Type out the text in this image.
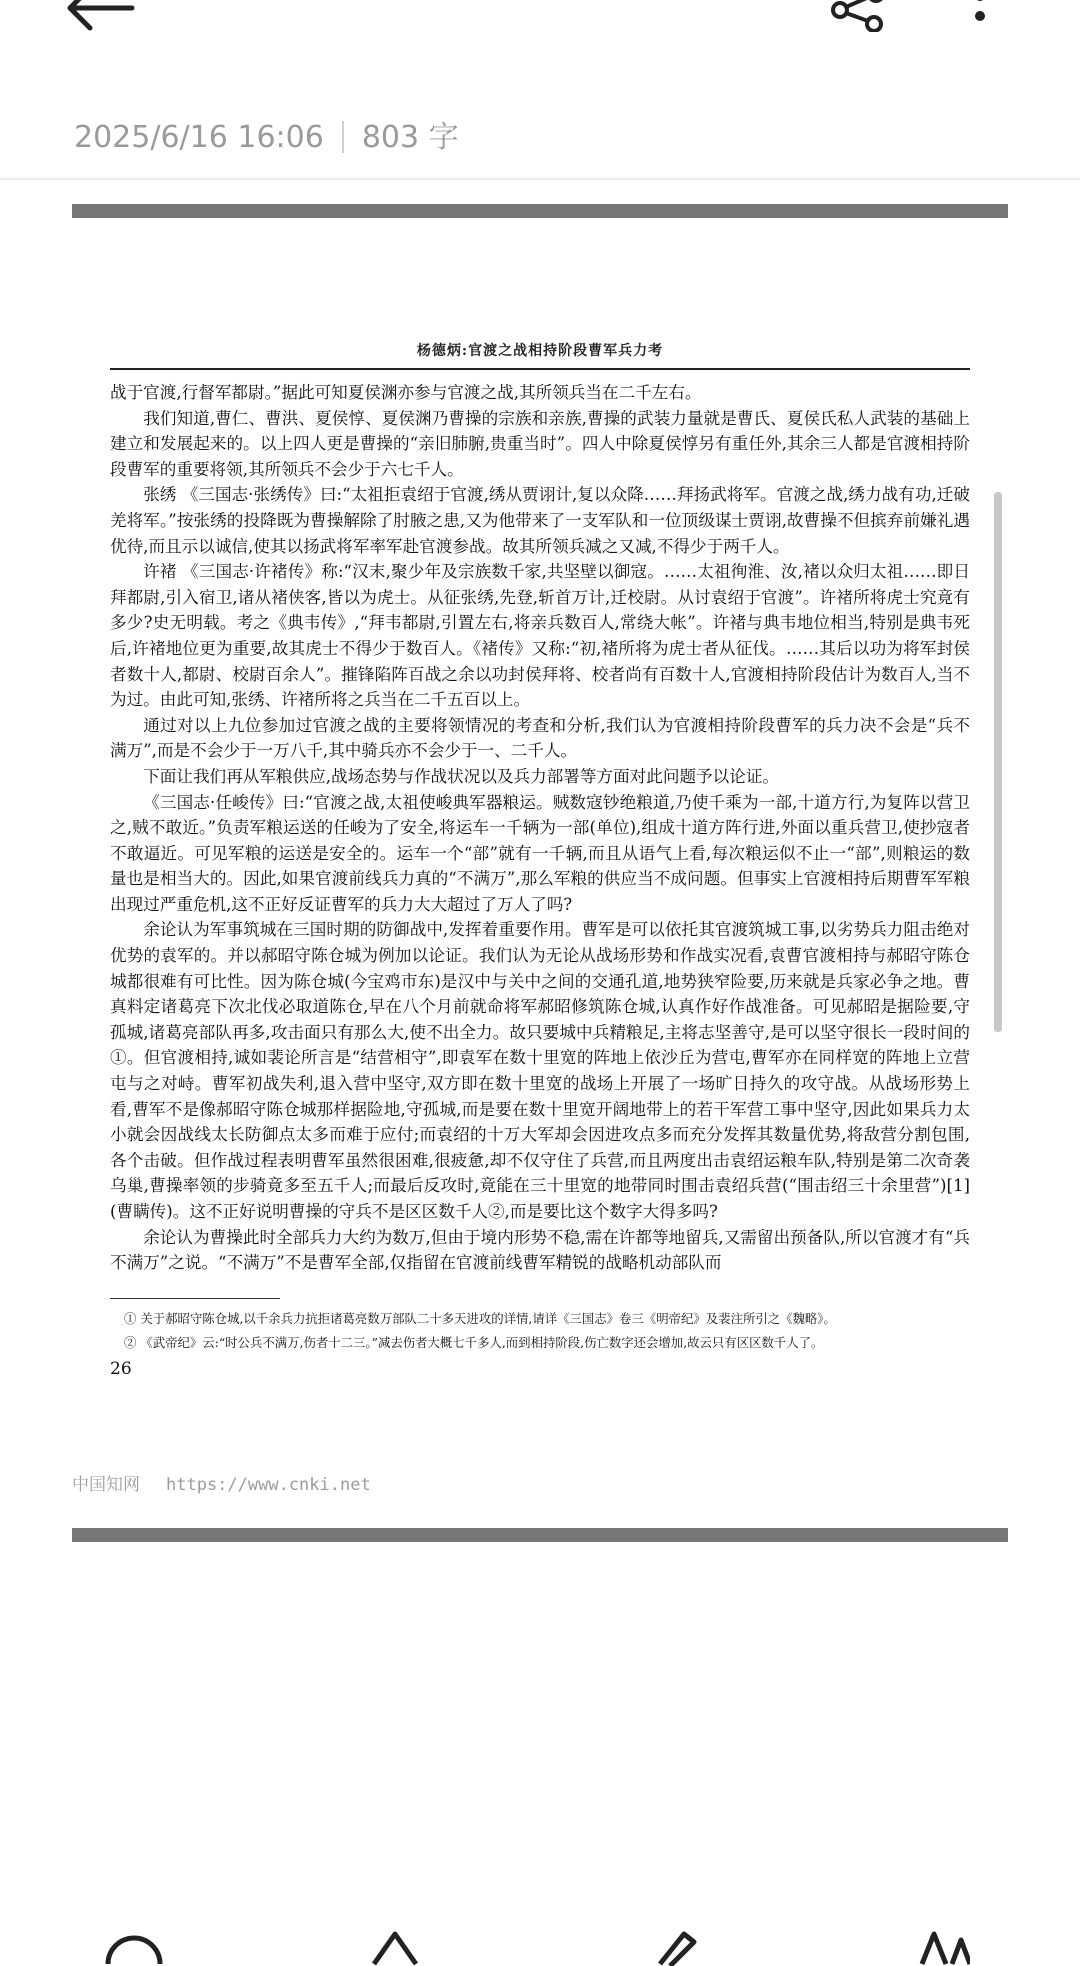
2025/6/16 16:06 803 字
杨德炳:官渡之战相持阶段曹军兵力考

战于官渡,行督军都尉。”据此可知夏侯渊亦参与官渡之战,其所领兵当在二千左右。

我们知道,曹仁、曹洪、夏侯惇、夏侯渊乃曹操的宗族和亲族,曹操的武装力量就是曹氏、夏侯氏私人武装的基础上建立和发展起来的。以上四人更是曹操的“亲旧肺腑,贵重当时”。四人中除夏侯惇另有重任外,其余三人都是官渡相持阶段曹军的重要将领,其所领兵不会少于六七千人。

张绣 《三国志·张绣传》曰:“太祖拒袁绍于官渡,绣从贾诩计,复以众降……拜扬武将军。官渡之战,绣力战有功,迁破羌将军。”按张绣的投降既为曹操解除了肘腋之患,又为他带来了一支军队和一位顶级谋士贾诩,故曹操不但摈弃前嫌礼遇优待,而且示以诚信,使其以扬武将军率军赴官渡参战。故其所领兵减之又减,不得少于两千人。

许褚 《三国志·许褚传》称:“汉末,聚少年及宗族数千家,共坚壁以御寇。……太祖徇淮、汝,褚以众归太祖……即日拜都尉,引入宿卫,诸从褚侠客,皆以为虎士。从征张绣,先登,斩首万计,迁校尉。从讨袁绍于官渡”。许褚所将虎士究竟有多少?史无明载。考之《典韦传》,“拜韦都尉,引置左右,将亲兵数百人,常绕大帐”。许褚与典韦地位相当,特别是典韦死后,许褚地位更为重要,故其虎士不得少于数百人。《褚传》又称:“初,褚所将为虎士者从征伐。……其后以功为将军封侯者数十人,都尉、校尉百余人”。摧锋陷阵百战之余以功封侯拜将、校者尚有百数十人,官渡相持阶段估计为数百人,当不为过。由此可知,张绣、许褚所将之兵当在二千五百以上。

通过对以上九位参加过官渡之战的主要将领情况的考查和分析,我们认为官渡相持阶段曹军的兵力决不会是“兵不满万”,而是不会少于一万八千,其中骑兵亦不会少于一、二千人。

下面让我们再从军粮供应,战场态势与作战状况以及兵力部署等方面对此问题予以论证。

《三国志·任峻传》曰:“官渡之战,太祖使峻典军器粮运。贼数寇钞绝粮道,乃使千乘为一部,十道方行,为复阵以营卫之,贼不敢近。”负责军粮运送的任峻为了安全,将运车一千辆为一部(单位),组成十道方阵行进,外面以重兵营卫,使抄寇者不敢逼近。可见军粮的运送是安全的。运车一个“部”就有一千辆,而且从语气上看,每次粮运似不止一“部”,则粮运的数量也是相当大的。因此,如果官渡前线兵力真的“不满万”,那么军粮的供应当不成问题。但事实上官渡相持后期曹军军粮出现过严重危机,这不正好反证曹军的兵力大大超过了万人了吗?

余论认为军事筑城在三国时期的防御战中,发挥着重要作用。曹军是可以依托其官渡筑城工事,以劣势兵力阻击绝对优势的袁军的。并以郝昭守陈仓城为例加以论证。我们认为无论从战场形势和作战实况看,袁曹官渡相持与郝昭守陈仓城都很难有可比性。因为陈仓城(今宝鸡市东)是汉中与关中之间的交通孔道,地势狭窄险要,历来就是兵家必争之地。曹真料定诸葛亮下次北伐必取道陈仓,早在八个月前就命将军郝昭修筑陈仓城,认真作好作战准备。可见郝昭是据险要,守孤城,诸葛亮部队再多,攻击面只有那么大,使不出全力。故只要城中兵精粮足,主将志坚善守,是可以坚守很长一段时间的①。但官渡相持,诚如裴论所言是“结营相守”,即袁军在数十里宽的阵地上依沙丘为营屯,曹军亦在同样宽的阵地上立营屯与之对峙。曹军初战失利,退入营中坚守,双方即在数十里宽的战场上开展了一场旷日持久的攻守战。从战场形势上看,曹军不是像郝昭守陈仓城那样据险地,守孤城,而是要在数十里宽开阔地带上的若干军营工事中坚守,因此如果兵力太小就会因战线太长防御点太多而难于应付;而袁绍的十万大军却会因进攻点多而充分发挥其数量优势,将敌营分割包围,各个击破。但作战过程表明曹军虽然很困难,很疲惫,却不仅守住了兵营,而且两度出击袁绍运粮车队,特别是第二次奇袭乌巢,曹操率领的步骑竟多至五千人;而最后反攻时,竟能在三十里宽的地带同时围击袁绍兵营(“围击绍三十余里营”)[1](曹瞒传)。这不正好说明曹操的守兵不是区区数千人②,而是要比这个数字大得多吗?

余论认为曹操此时全部兵力大约为数万,但由于境内形势不稳,需在许都等地留兵,又需留出预备队,所以官渡才有“兵不满万”之说。“不满万”不是曹军全部,仅指留在官渡前线曹军精锐的战略机动部队而

① 关于郝昭守陈仓城,以千余兵力抗拒诸葛亮数万部队二十多天进攻的详情,请详《三国志》卷三《明帝纪》及裴注所引之《魏略》。

② 《武帝纪》云:“时公兵不满万,伤者十二三。”减去伤者大概七千多人,而到相持阶段,伤亡数字还会增加,故云只有区区数千人了。

26
中国知网 https://www.cnki.net
